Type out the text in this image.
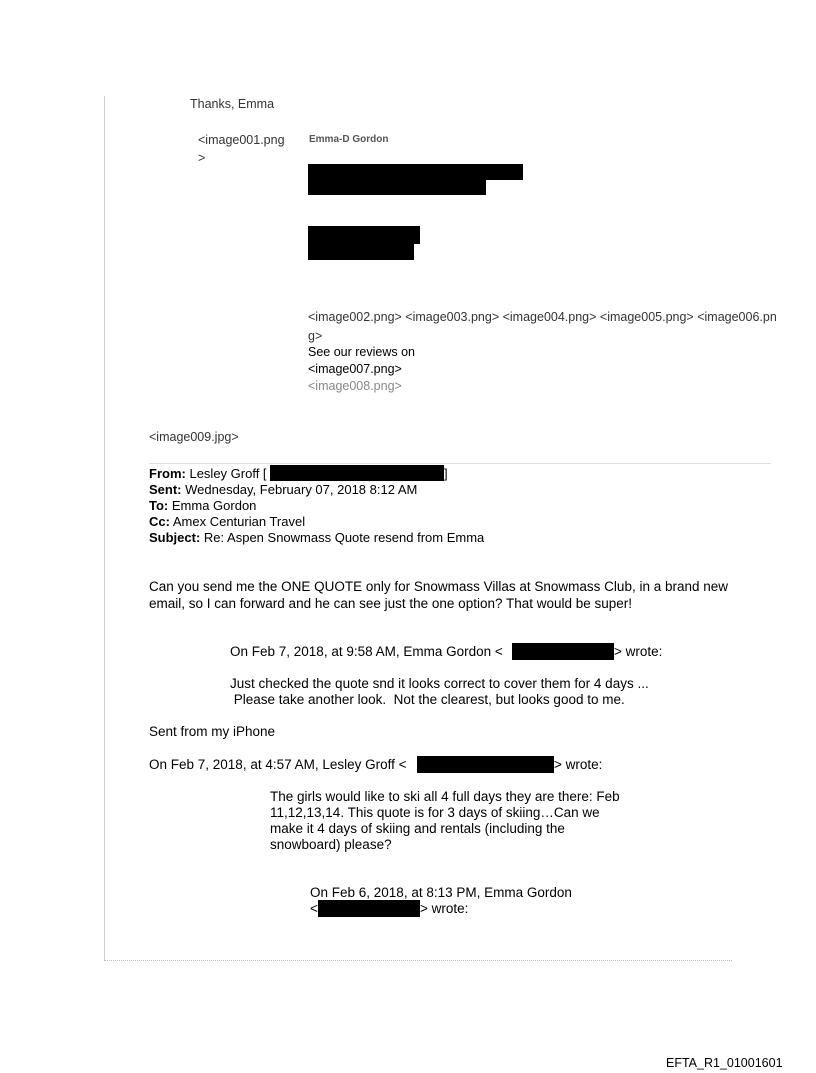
Thanks, Emma
<image001.png
>
Emma-D Gordon
<image002.png> <image003.png> <image004.png> <image005.png> <image006.pn
g>
See our reviews on
<image007.png>
<image008.png>
<image009.jpg>
From: Lesley Groff [	]
Sent: Wednesday, February 07, 2018 8:12 AM
To: Emma Gordon
Cc: Amex Centurian Travel
Subject: Re: Aspen Snowmass Quote resend from Emma
Can you send me the ONE QUOTE only for Snowmass Villas at Snowmass Club, in a brand new
email, so I can forward and he can see just the one option? That would be super!
On Feb 7, 2018, at 9:58 AM, Emma Gordon <	> wrote:
Just checked the quote snd it looks correct to cover them for 4 days ...
Please take another look.  Not the clearest, but looks good to me.
Sent from my iPhone
On Feb 7, 2018, at 4:57 AM, Lesley Groff <	> wrote:
The girls would like to ski all 4 full days they are there: Feb
11,12,13,14. This quote is for 3 days of skiing…Can we
make it 4 days of skiing and rentals (including the
snowboard) please?
On Feb 6, 2018, at 8:13 PM, Emma Gordon
<	> wrote:
EFTA_R1_01001601
